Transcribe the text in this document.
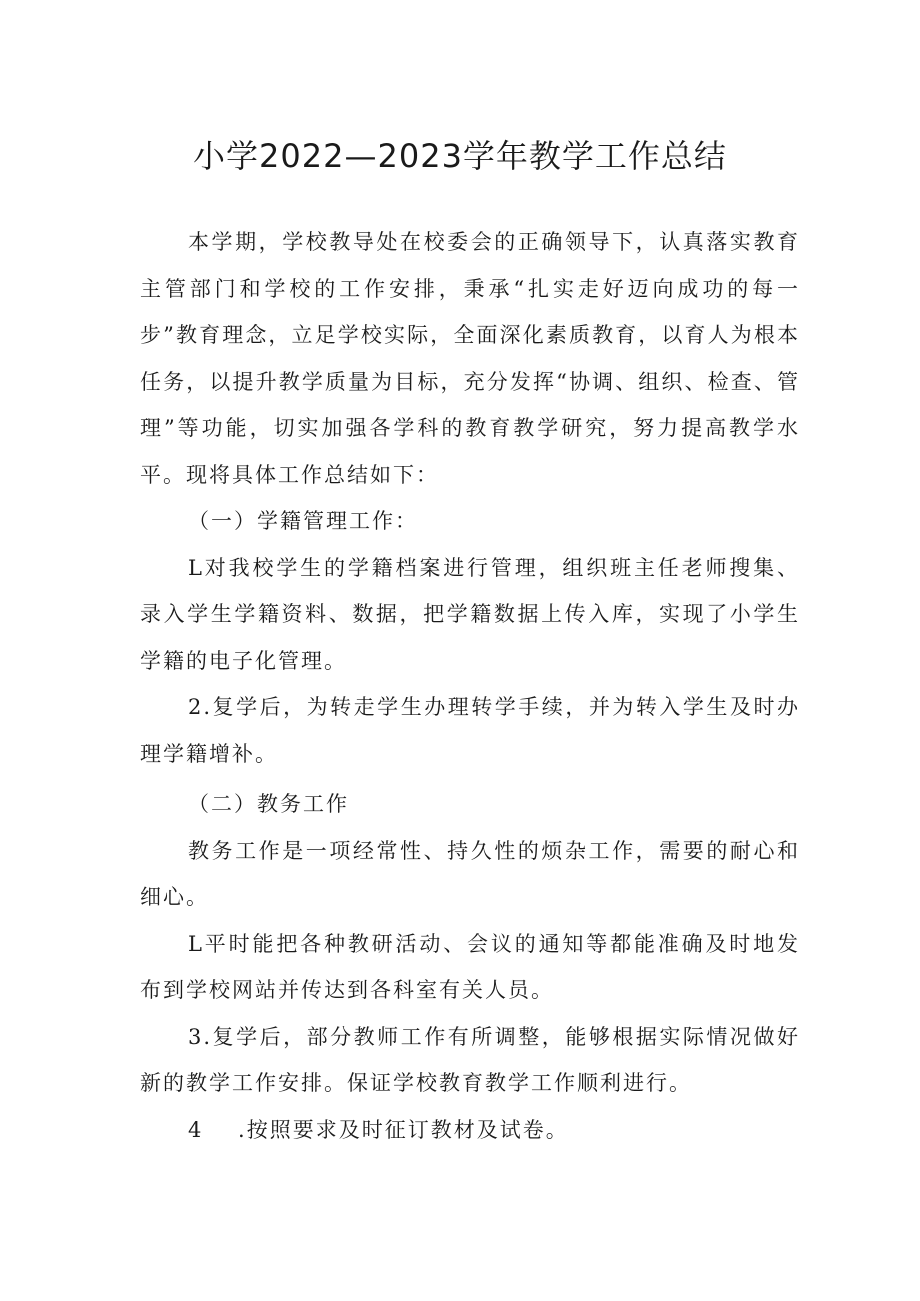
小学2022—2023学年教学工作总结

本学期，学校教导处在校委会的正确领导下，认真落实教育主管部门和学校的工作安排，秉承“扎实走好迈向成功的每一步”教育理念，立足学校实际，全面深化素质教育，以育人为根本任务，以提升教学质量为目标，充分发挥“协调、组织、检查、管理”等功能，切实加强各学科的教育教学研究，努力提高教学水平。现将具体工作总结如下：

（一）学籍管理工作：

L对我校学生的学籍档案进行管理，组织班主任老师搜集、录入学生学籍资料、数据，把学籍数据上传入库，实现了小学生学籍的电子化管理。

2.复学后，为转走学生办理转学手续，并为转入学生及时办理学籍增补。

（二）教务工作

教务工作是一项经常性、持久性的烦杂工作，需要的耐心和细心。

L平时能把各种教研活动、会议的通知等都能准确及时地发布到学校网站并传达到各科室有关人员。

3.复学后，部分教师工作有所调整，能够根据实际情况做好新的教学工作安排。保证学校教育教学工作顺利进行。

4    .按照要求及时征订教材及试卷。
